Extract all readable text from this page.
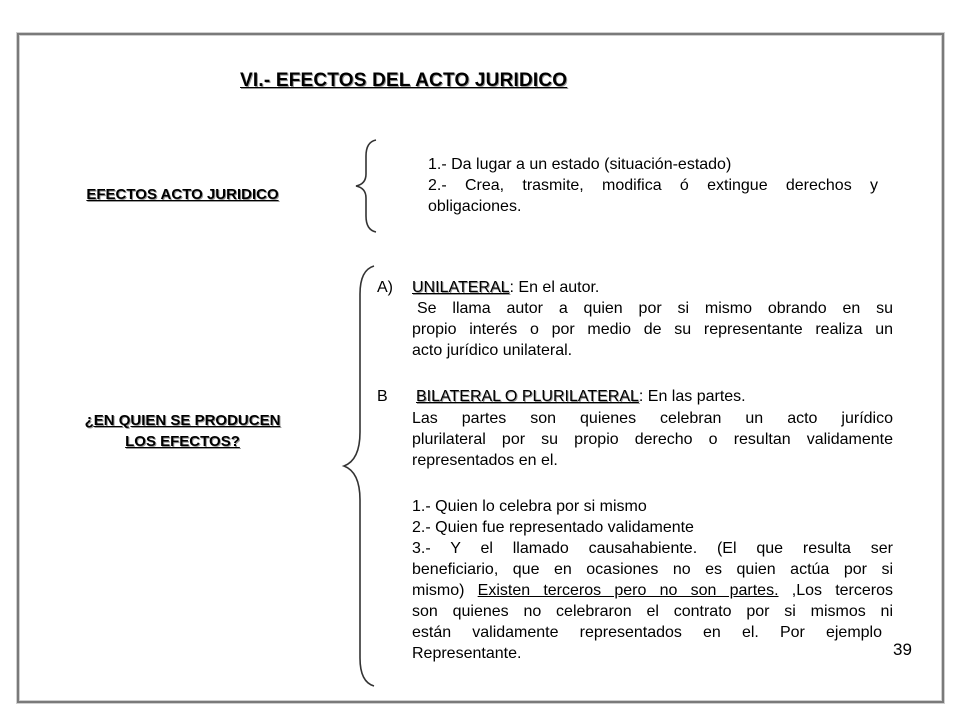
VI.- EFECTOS DEL ACTO JURIDICO
EFECTOS ACTO JURIDICO
¿EN QUIEN SE PRODUCEN
LOS EFECTOS?
1.- Da lugar a un estado (situación-estado)
2.- Crea, trasmite, modifica ó extingue derechos y
obligaciones.
A) UNILATERAL: En el autor.
Se llama autor a quien por si mismo obrando en su
propio interés o por medio de su representante realiza un
acto jurídico unilateral.
B BILATERAL O PLURILATERAL: En las partes.
Las partes son quienes celebran un acto jurídico
plurilateral por su propio derecho o resultan validamente
representados en el.
1.- Quien lo celebra por si mismo
2.- Quien fue representado validamente
3.- Y el llamado causahabiente. (El que resulta ser
beneficiario, que en ocasiones no es quien actúa por si
mismo) Existen terceros pero no son partes. ,Los terceros
son quienes no celebraron el contrato por si mismos ni
están validamente representados en el. Por ejemplo
Representante.	39
